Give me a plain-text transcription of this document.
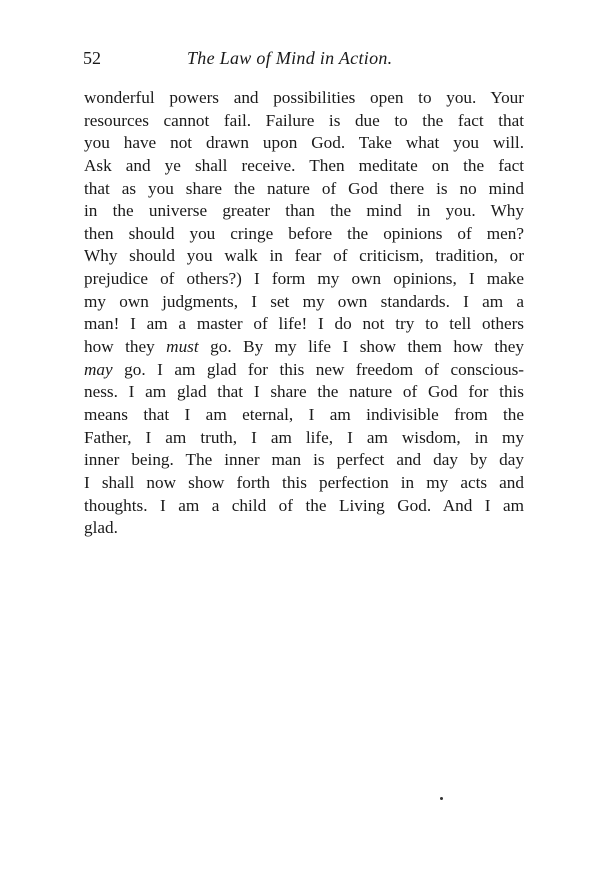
52	The Law of Mind in Action.
wonderful powers and possibilities open to you. Your
resources cannot fail. Failure is due to the fact that
you have not drawn upon God. Take what you will.
Ask and ye shall receive. Then meditate on the fact
that as you share the nature of God there is no mind
in the universe greater than the mind in you. Why
then should you cringe before the opinions of men?
Why should you walk in fear of criticism, tradition, or
prejudice of others?) I form my own opinions, I make
my own judgments, I set my own standards. I am a
man! I am a master of life! I do not try to tell others
how they must go. By my life I show them how they
may go. I am glad for this new freedom of conscious-
ness. I am glad that I share the nature of God for this
means that I am eternal, I am indivisible from the
Father, I am truth, I am life, I am wisdom, in my
inner being. The inner man is perfect and day by day
I shall now show forth this perfection in my acts and
thoughts. I am a child of the Living God. And I am
glad.
